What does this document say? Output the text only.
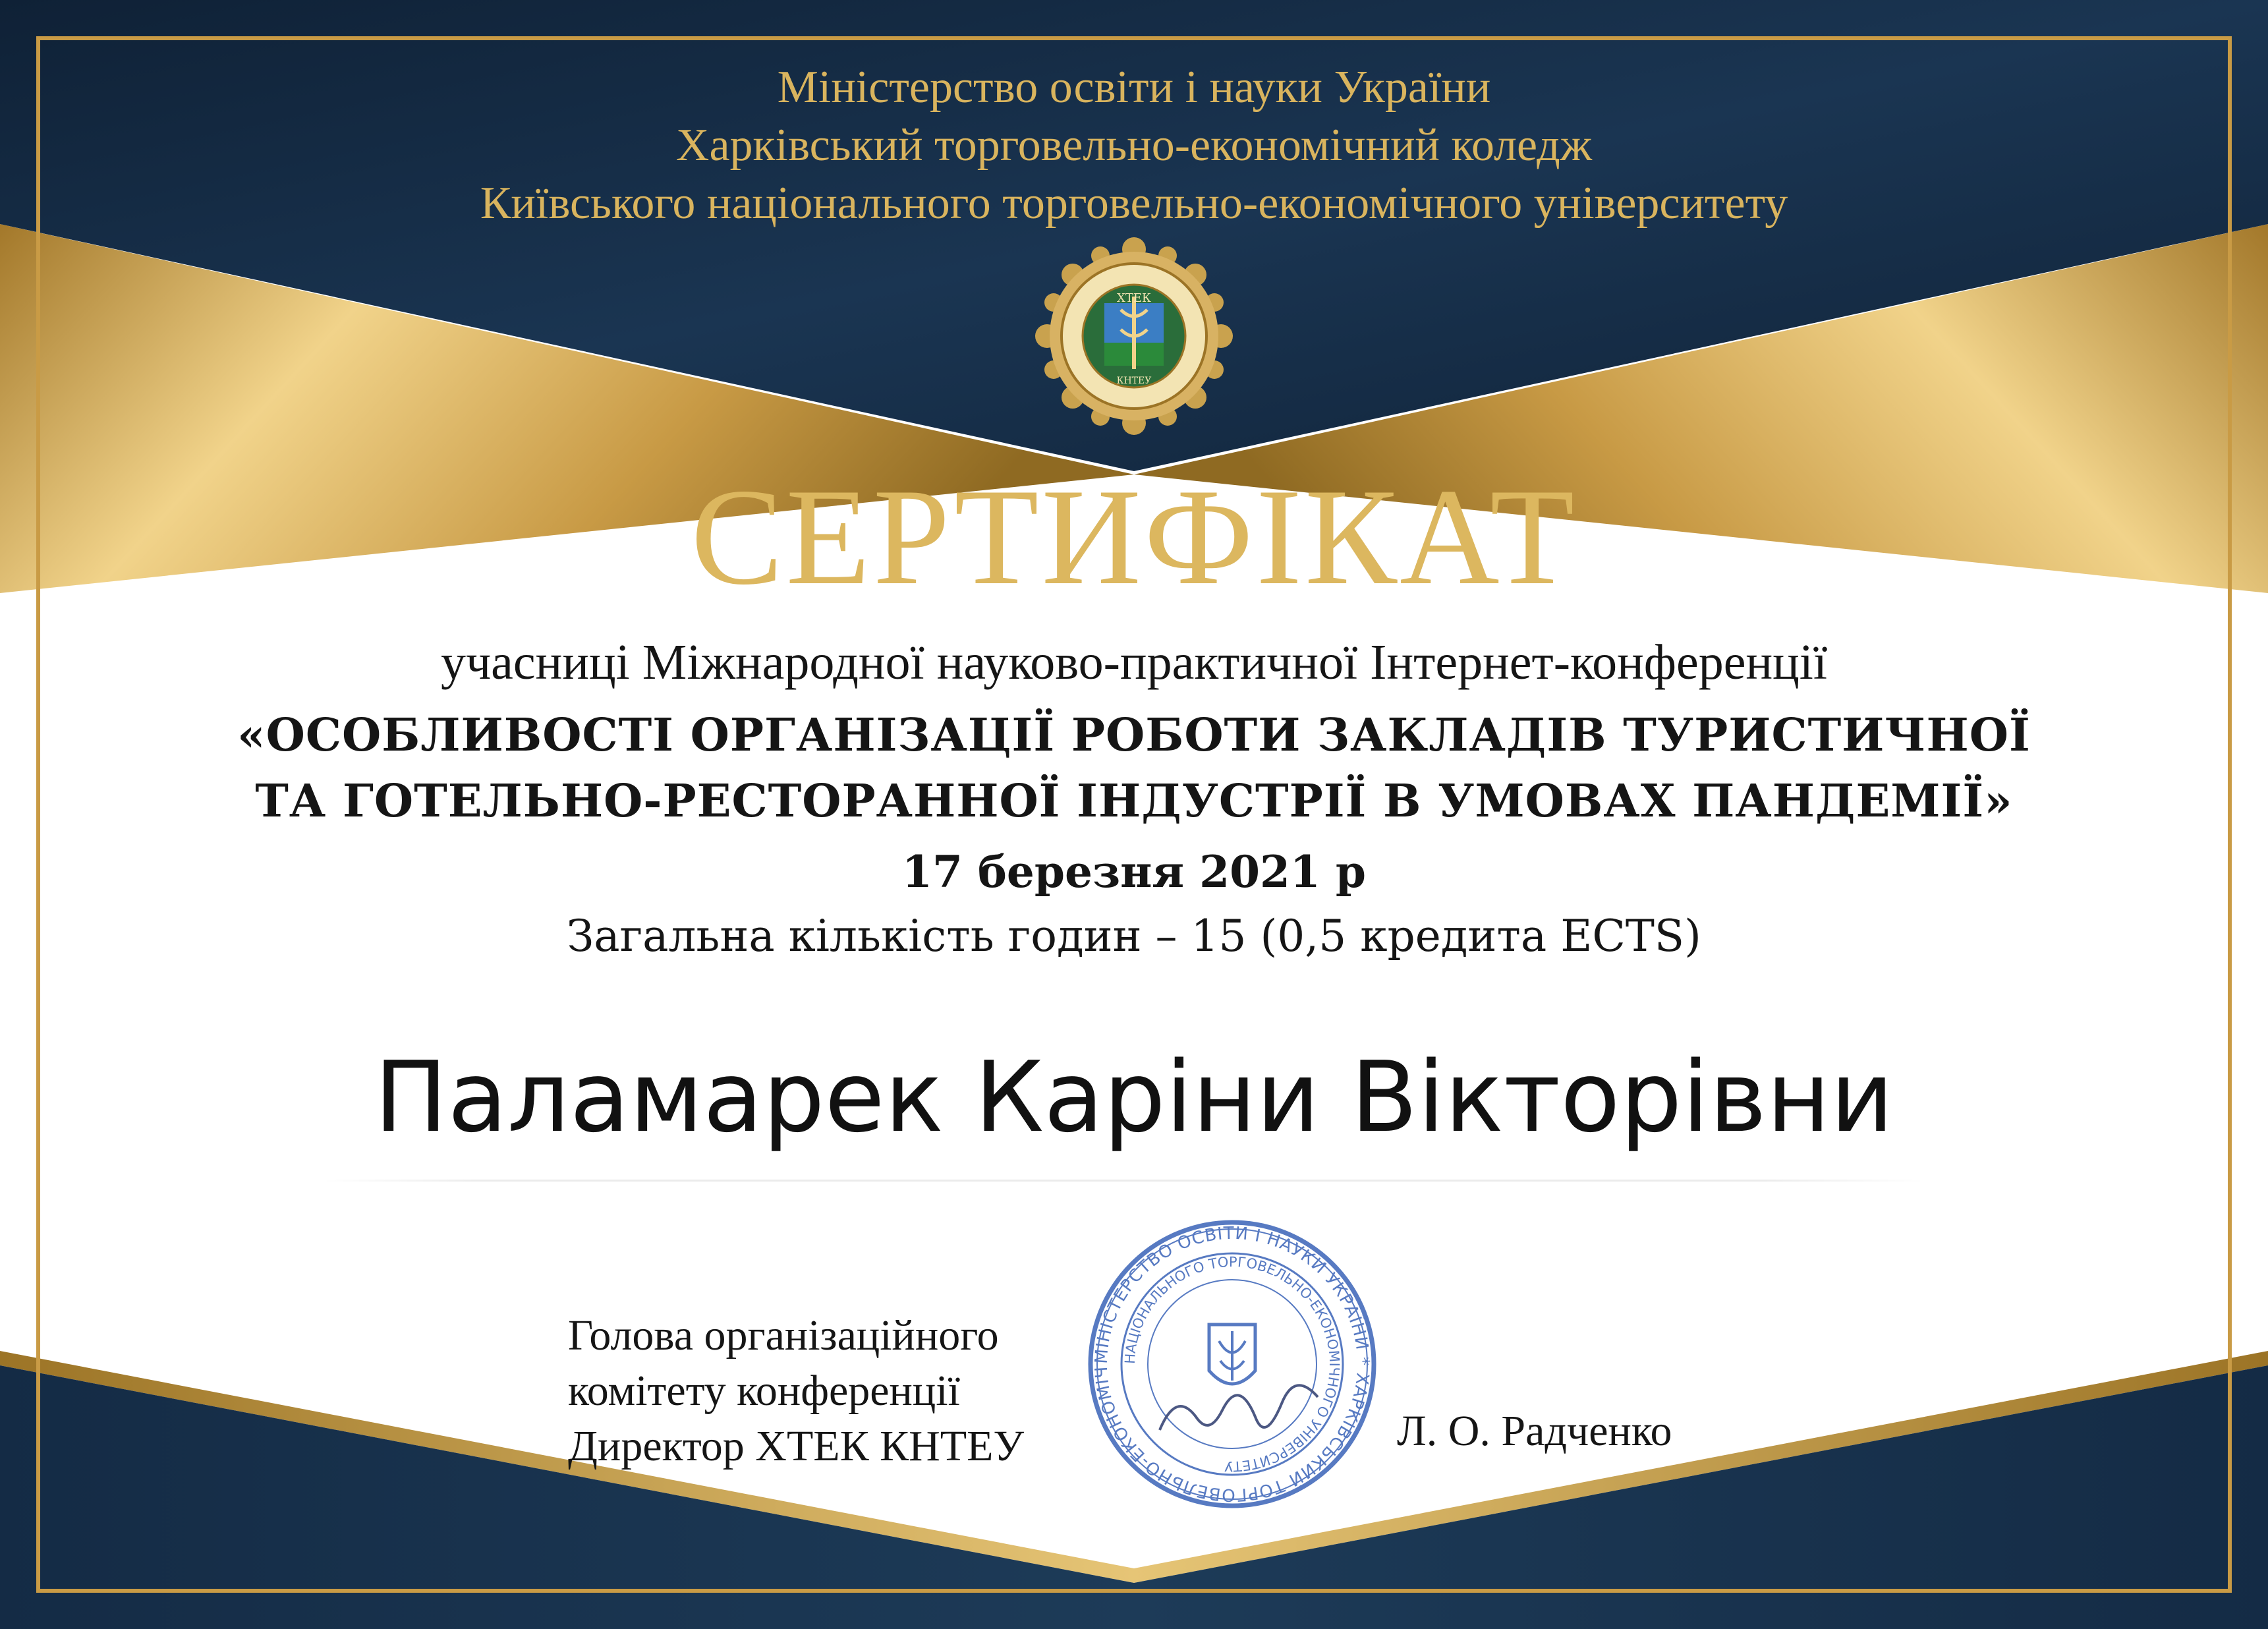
Міністерство освіти і науки України
Харківський торговельно-економічний коледж
Київського національного торговельно-економічного університету
ХТЕК
КНТЕУ
СЕРТИФІКАТ
учасниці Міжнародної науково-практичної Інтернет-конференції
«ОСОБЛИВОСТІ ОРГАНІЗАЦІЇ РОБОТИ ЗАКЛАДІВ ТУРИСТИЧНОЇ
ТА ГОТЕЛЬНО-РЕСТОРАННОЇ ІНДУСТРІЇ В УМОВАХ ПАНДЕМІЇ»
17 березня 2021 р
Загальна кількість годин – 15 (0,5 кредита ECTS)
Паламарек Каріни Вікторівни
МІНІСТЕРСТВО ОСВІТИ І НАУКИ УКРАЇНИ * ХАРКІВСЬКИЙ ТОРГОВЕЛЬНО-ЕКОНОМІЧ
НАЦІОНАЛЬНОГО ТОРГОВЕЛЬНО-ЕКОНОМІЧНОГО УНІВЕРСИТЕТУ
Голова організаційного
комітету конференції
Директор ХТЕК КНТЕУ	Л. О. Радченко
